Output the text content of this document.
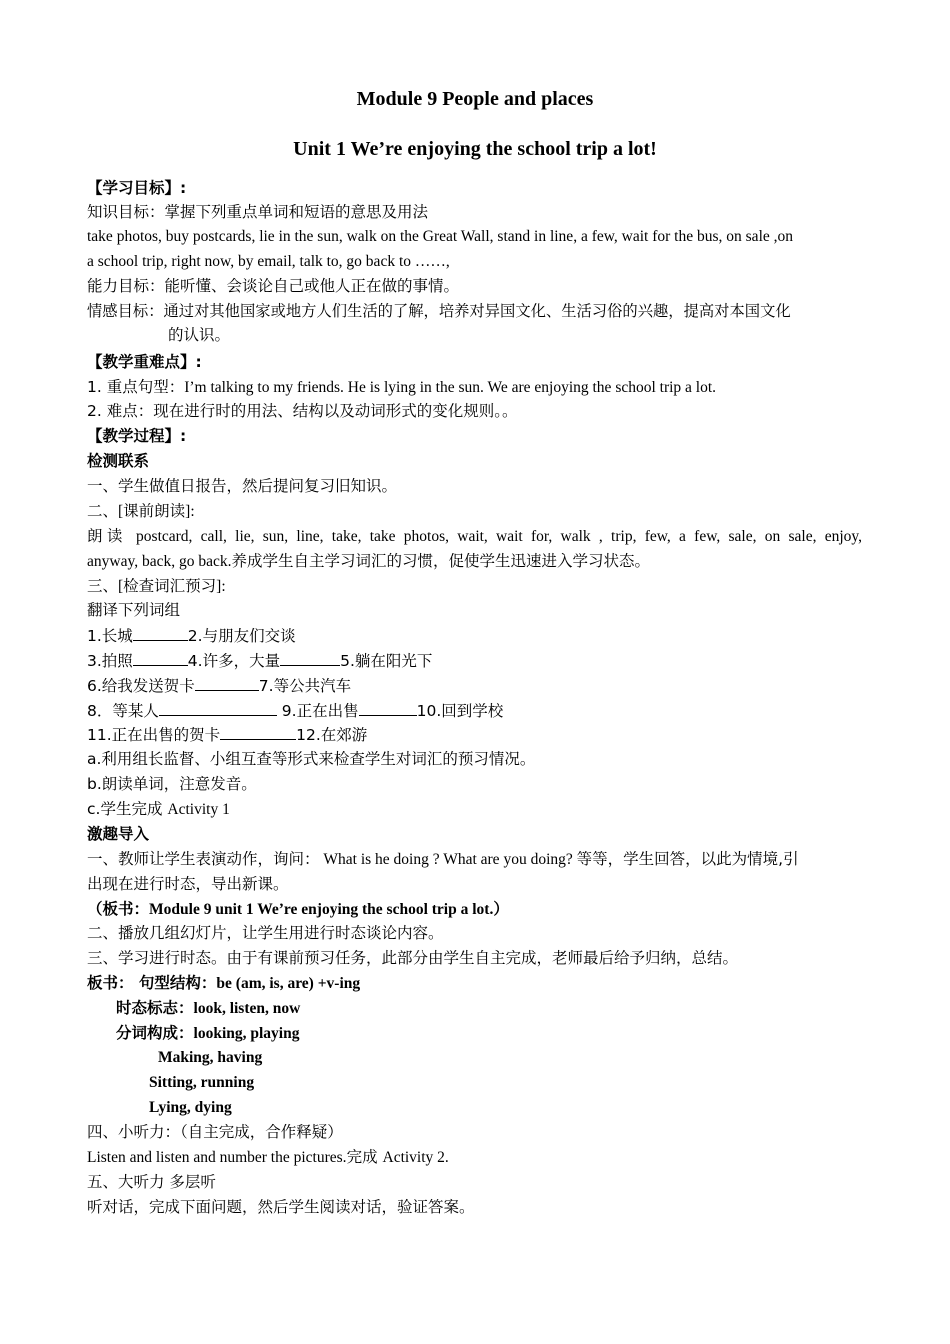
Module 9 People and places
Unit 1 We’re enjoying the school trip a lot!
【学习目标】:
知识目标：掌握下列重点单词和短语的意思及用法
take photos, buy postcards, lie in the sun, walk on the Great Wall, stand in line, a few, wait for the bus, on sale ,on
a school trip, right now, by email, talk to, go back to ……,
能力目标：能听懂、会谈论自己或他人正在做的事情。
情感目标：通过对其他国家或地方人们生活的了解，培养对异国文化、生活习俗的兴趣，提高对本国文化
的认识。
【教学重难点】:
1. 重点句型：I’m talking to my friends. He is lying in the sun. We are enjoying the school trip a lot.
2. 难点：现在进行时的用法、结构以及动词形式的变化规则。。
【教学过程】:
检测联系
一、学生做值日报告，然后提问复习旧知识。
二、[课前朗读]:
朗读 postcard, call, lie, sun, line, take, take photos, wait, wait for, walk , trip, few, a few, sale, on sale, enjoy,
anyway, back, go back.养成学生自主学习词汇的习惯，促使学生迅速进入学习状态。
三、[检查词汇预习]:
翻译下列词组
1.长城	2.与朋友们交谈
3.拍照	4.许多，大量	5.躺在阳光下
6.给我发送贺卡	7.等公共汽车
8．等某人	9.正在出售	10.回到学校
11.正在出售的贺卡	12.在郊游
a.利用组长监督、小组互查等形式来检查学生对词汇的预习情况。
b.朗读单词，注意发音。
c.学生完成 Activity 1
激趣导入
一、教师让学生表演动作，询问： What is he doing ? What are you doing? 等等，学生回答，以此为情境,引
出现在进行时态，导出新课。
（板书：Module 9 unit 1 We’re enjoying the school trip a lot.）
二、播放几组幻灯片，让学生用进行时态谈论内容。
三、学习进行时态。由于有课前预习任务，此部分由学生自主完成，老师最后给予归纳，总结。
板书： 句型结构：be (am, is, are) +v-ing
时态标志：look, listen, now
分词构成：looking, playing
Making, having
Sitting, running
Lying, dying
四、小听力：（自主完成，合作释疑）
Listen and listen and number the pictures.完成 Activity 2.
五、大听力 多层听
听对话，完成下面问题，然后学生阅读对话，验证答案。
